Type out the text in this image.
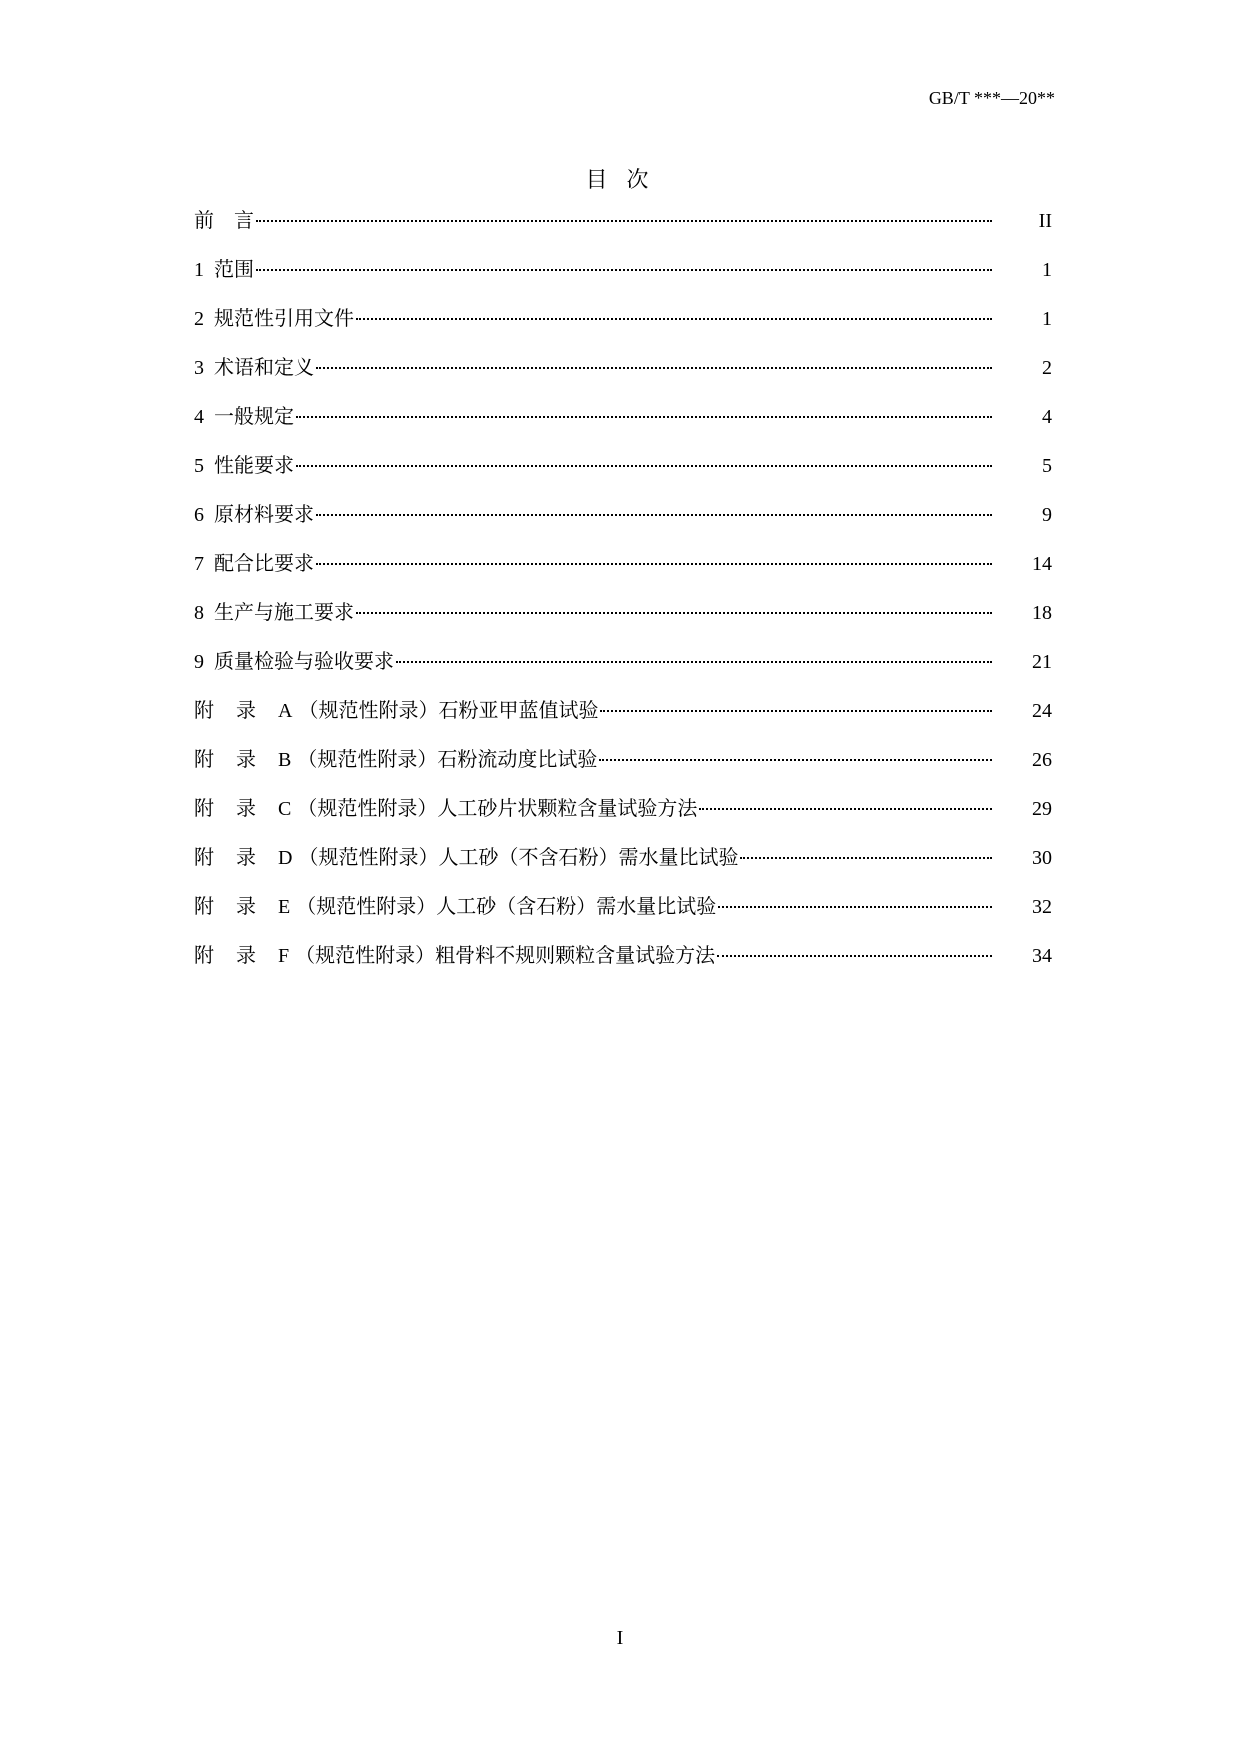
GB/T ***—20**
目 次
前　言	II
1 范围	1
2 规范性引用文件	1
3 术语和定义	2
4 一般规定	4
5 性能要求	5
6 原材料要求	9
7 配合比要求	14
8 生产与施工要求	18
9 质量检验与验收要求	21
附录 A （规范性附录）石粉亚甲蓝值试验	24
附录 B （规范性附录）石粉流动度比试验	26
附录 C （规范性附录）人工砂片状颗粒含量试验方法	29
附录 D （规范性附录）人工砂（不含石粉）需水量比试验	30
附录 E （规范性附录）人工砂（含石粉）需水量比试验	32
附录 F （规范性附录）粗骨料不规则颗粒含量试验方法	34
I
